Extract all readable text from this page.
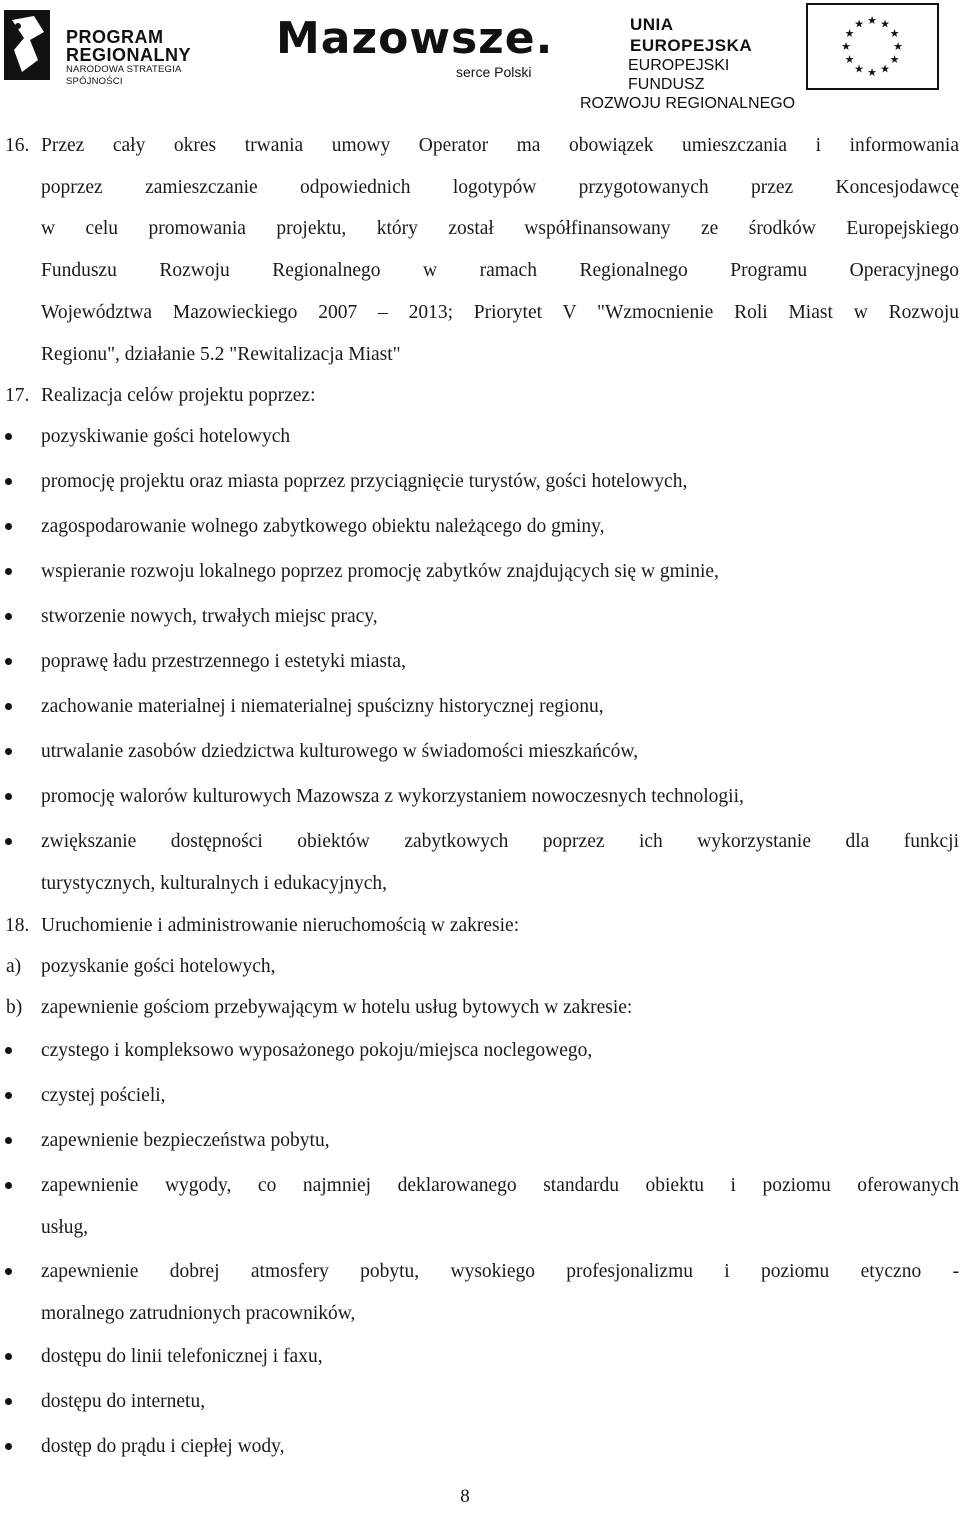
PROGRAM
REGIONALNY
NARODOWA STRATEGIA SPÓJNOŚCI
Mazowsze.
serce Polski
UNIA EUROPEJSKA
EUROPEJSKI FUNDUSZ
ROZWOJU REGIONALNEGO
★
★
★
★
★
★
★
★
★ ★ ★
★
16. Przez cały okres trwania umowy Operator ma obowiązek umieszczania i informowania
poprzez zamieszczanie odpowiednich logotypów przygotowanych przez Koncesjodawcę
w celu promowania projektu, który został współfinansowany ze środków Europejskiego
Funduszu Rozwoju Regionalnego w ramach Regionalnego Programu Operacyjnego
Województwa Mazowieckiego 2007 – 2013; Priorytet V "Wzmocnienie Roli Miast w Rozwoju
Regionu", działanie 5.2 "Rewitalizacja Miast"
17. Realizacja celów projektu poprzez:
pozyskiwanie gości hotelowych
promocję projektu oraz miasta poprzez przyciągnięcie turystów, gości hotelowych,
zagospodarowanie wolnego zabytkowego obiektu należącego do gminy,
wspieranie rozwoju lokalnego poprzez promocję zabytków znajdujących się w gminie,
stworzenie nowych, trwałych miejsc pracy,
poprawę ładu przestrzennego i estetyki miasta,
zachowanie materialnej i niematerialnej spuścizny historycznej regionu,
utrwalanie zasobów dziedzictwa kulturowego w świadomości mieszkańców,
promocję walorów kulturowych Mazowsza z wykorzystaniem nowoczesnych technologii,
zwiększanie dostępności obiektów zabytkowych poprzez ich wykorzystanie dla funkcji
turystycznych, kulturalnych i edukacyjnych,
18. Uruchomienie i administrowanie nieruchomością w zakresie:
a) pozyskanie gości hotelowych,
b) zapewnienie gościom przebywającym w hotelu usług bytowych w zakresie:
czystego i kompleksowo wyposażonego pokoju/miejsca noclegowego,
czystej pościeli,
zapewnienie bezpieczeństwa pobytu,
zapewnienie wygody, co najmniej deklarowanego standardu obiektu i poziomu oferowanych
usług,
zapewnienie dobrej atmosfery pobytu, wysokiego profesjonalizmu i poziomu etyczno -
moralnego zatrudnionych pracowników,
dostępu do linii telefonicznej i faxu,
dostępu do internetu,
dostęp do prądu i ciepłej wody,
8
